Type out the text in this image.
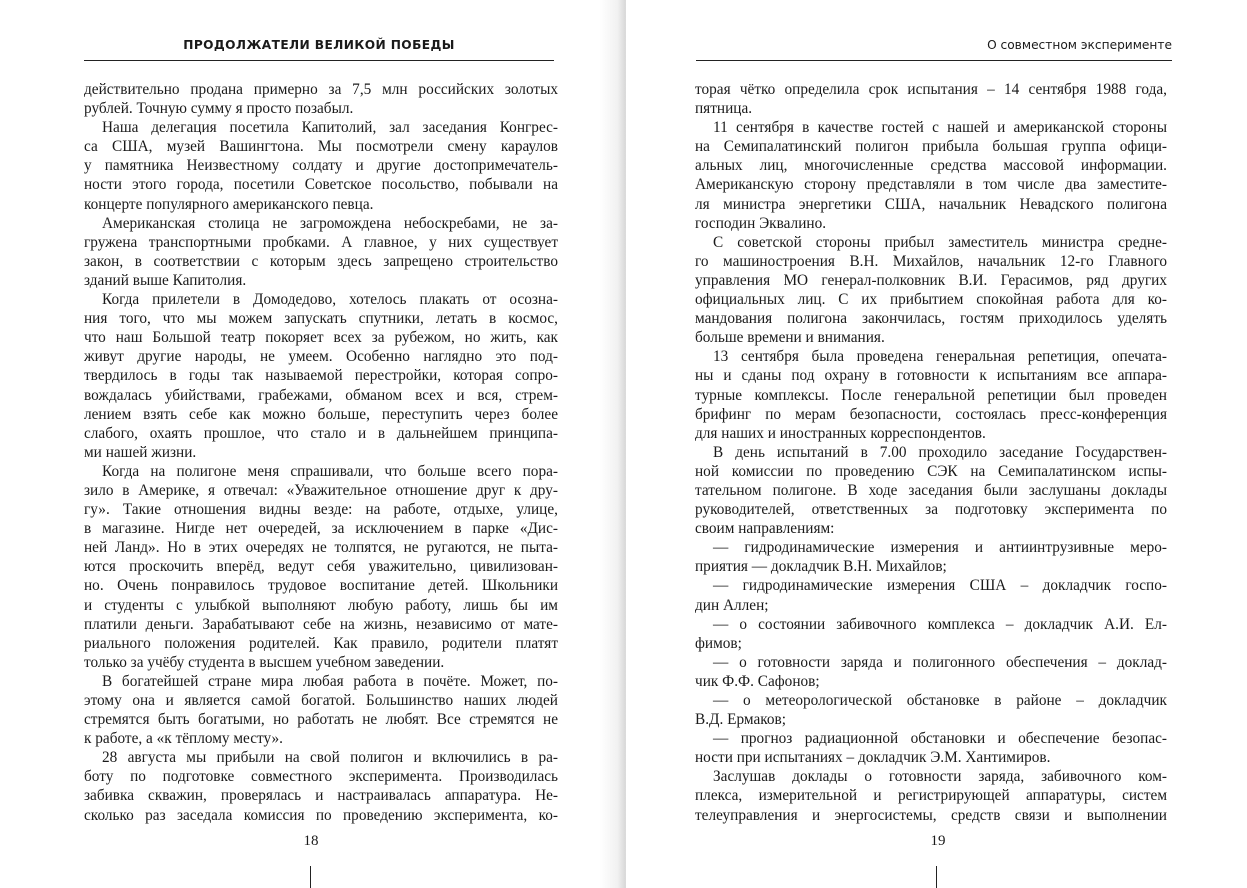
ПРОДОЛЖАТЕЛИ ВЕЛИКОЙ ПОБЕДЫ

действительно продана примерно за 7,5 млн российских золотых

рублей. Точную сумму я просто позабыл.

Наша делегация посетила Капитолий, зал заседания Конгрес-

са США, музей Вашингтона. Мы посмотрели смену караулов

у памятника Неизвестному солдату и другие достопримечатель-

ности этого города, посетили Советское посольство, побывали на

концерте популярного американского певца.

Американская столица не загромождена небоскребами, не за-

гружена транспортными пробками. А главное, у них существует

закон, в соответствии с которым здесь запрещено строительство

зданий выше Капитолия.

Когда прилетели в Домодедово, хотелось плакать от осозна-

ния того, что мы можем запускать спутники, летать в космос,

что наш Большой театр покоряет всех за рубежом, но жить, как

живут другие народы, не умеем. Особенно наглядно это под-

твердилось в годы так называемой перестройки, которая сопро-

вождалась убийствами, грабежами, обманом всех и вся, стрем-

лением взять себе как можно больше, переступить через более

слабого, охаять прошлое, что стало и в дальнейшем принципа-

ми нашей жизни.

Когда на полигоне меня спрашивали, что больше всего пора-

зило в Америке, я отвечал: «Уважительное отношение друг к дру-

гу». Такие отношения видны везде: на работе, отдыхе, улице,

в магазине. Нигде нет очередей, за исключением в парке «Дис-

ней Ланд». Но в этих очередях не толпятся, не ругаются, не пыта-

ются проскочить вперёд, ведут себя уважительно, цивилизован-

но. Очень понравилось трудовое воспитание детей. Школьники

и студенты с улыбкой выполняют любую работу, лишь бы им

платили деньги. Зарабатывают себе на жизнь, независимо от мате-

риального положения родителей. Как правило, родители платят

только за учёбу студента в высшем учебном заведении.

В богатейшей стране мира любая работа в почёте. Может, по-

этому она и является самой богатой. Большинство наших людей

стремятся быть богатыми, но работать не любят. Все стремятся не

к работе, а «к тёплому месту».

28 августа мы прибыли на свой полигон и включились в ра-

боту по подготовке совместного эксперимента. Производилась

забивка скважин, проверялась и настраивалась аппаратура. Не-

сколько раз заседала комиссия по проведению эксперимента, ко-

18
О совместном эксперименте

торая чётко определила срок испытания – 14 сентября 1988 года,

пятница.

11 сентября в качестве гостей с нашей и американской стороны

на Семипалатинский полигон прибыла большая группа офици-

альных лиц, многочисленные средства массовой информации.

Американскую сторону представляли в том числе два заместите-

ля министра энергетики США, начальник Невадского полигона

господин Эквалино.

С советской стороны прибыл заместитель министра средне-

го машиностроения В.Н. Михайлов, начальник 12-го Главного

управления МО генерал-полковник В.И. Герасимов, ряд других

официальных лиц. С их прибытием спокойная работа для ко-

мандования полигона закончилась, гостям приходилось уделять

больше времени и внимания.

13 сентября была проведена генеральная репетиция, опечата-

ны и сданы под охрану в готовности к испытаниям все аппара-

турные комплексы. После генеральной репетиции был проведен

брифинг по мерам безопасности, состоялась пресс-конференция

для наших и иностранных корреспондентов.

В день испытаний в 7.00 проходило заседание Государствен-

ной комиссии по проведению СЭК на Семипалатинском испы-

тательном полигоне. В ходе заседания были заслушаны доклады

руководителей, ответственных за подготовку эксперимента по

своим направлениям:

— гидродинамические измерения и антиинтрузивные меро-

приятия — докладчик В.Н. Михайлов;

— гидродинамические измерения США – докладчик госпо-

дин Аллен;

— о состоянии забивочного комплекса – докладчик А.И. Ел-

фимов;

— о готовности заряда и полигонного обеспечения – доклад-

чик Ф.Ф. Сафонов;

— о метеорологической обстановке в районе – докладчик

В.Д. Ермаков;

— прогноз радиационной обстановки и обеспечение безопас-

ности при испытаниях – докладчик Э.М. Хантимиров.

Заслушав доклады о готовности заряда, забивочного ком-

плекса, измерительной и регистрирующей аппаратуры, систем

телеуправления и энергосистемы, средств связи и выполнении

19
